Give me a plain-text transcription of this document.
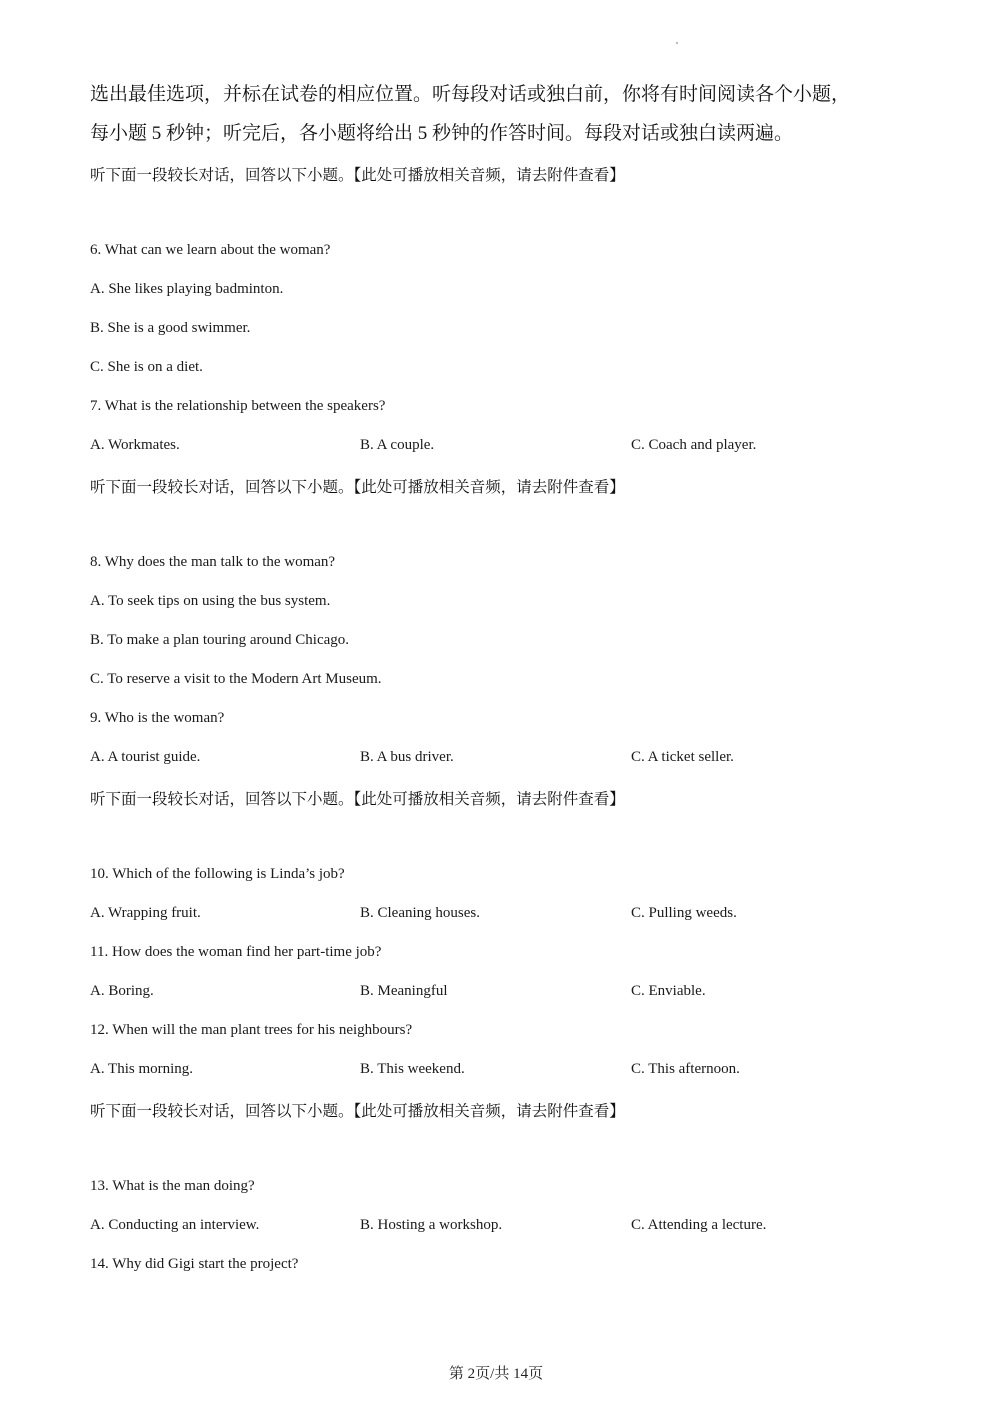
选出最佳选项，并标在试卷的相应位置。听每段对话或独白前，你将有时间阅读各个小题，
每小题 5 秒钟；听完后，各小题将给出 5 秒钟的作答时间。每段对话或独白读两遍。
听下面一段较长对话，回答以下小题。【此处可播放相关音频，请去附件查看】
6. What can we learn about the woman?
A. She likes playing badminton.
B. She is a good swimmer.
C. She is on a diet.
7. What is the relationship between the speakers?
A. Workmates.	B. A couple.	C. Coach and player.
听下面一段较长对话，回答以下小题。【此处可播放相关音频，请去附件查看】
8. Why does the man talk to the woman?
A. To seek tips on using the bus system.
B. To make a plan touring around Chicago.
C. To reserve a visit to the Modern Art Museum.
9. Who is the woman?
A. A tourist guide.	B. A bus driver.	C. A ticket seller.
听下面一段较长对话，回答以下小题。【此处可播放相关音频，请去附件查看】
10. Which of the following is Linda’s job?
A. Wrapping fruit.	B. Cleaning houses.	C. Pulling weeds.
11. How does the woman find her part-time job?
A. Boring.	B. Meaningful	C. Enviable.
12. When will the man plant trees for his neighbours?
A. This morning.	B. This weekend.	C. This afternoon.
听下面一段较长对话，回答以下小题。【此处可播放相关音频，请去附件查看】
13. What is the man doing?
A. Conducting an interview.	B. Hosting a workshop.	C. Attending a lecture.
14. Why did Gigi start the project?
第 2页/共 14页
